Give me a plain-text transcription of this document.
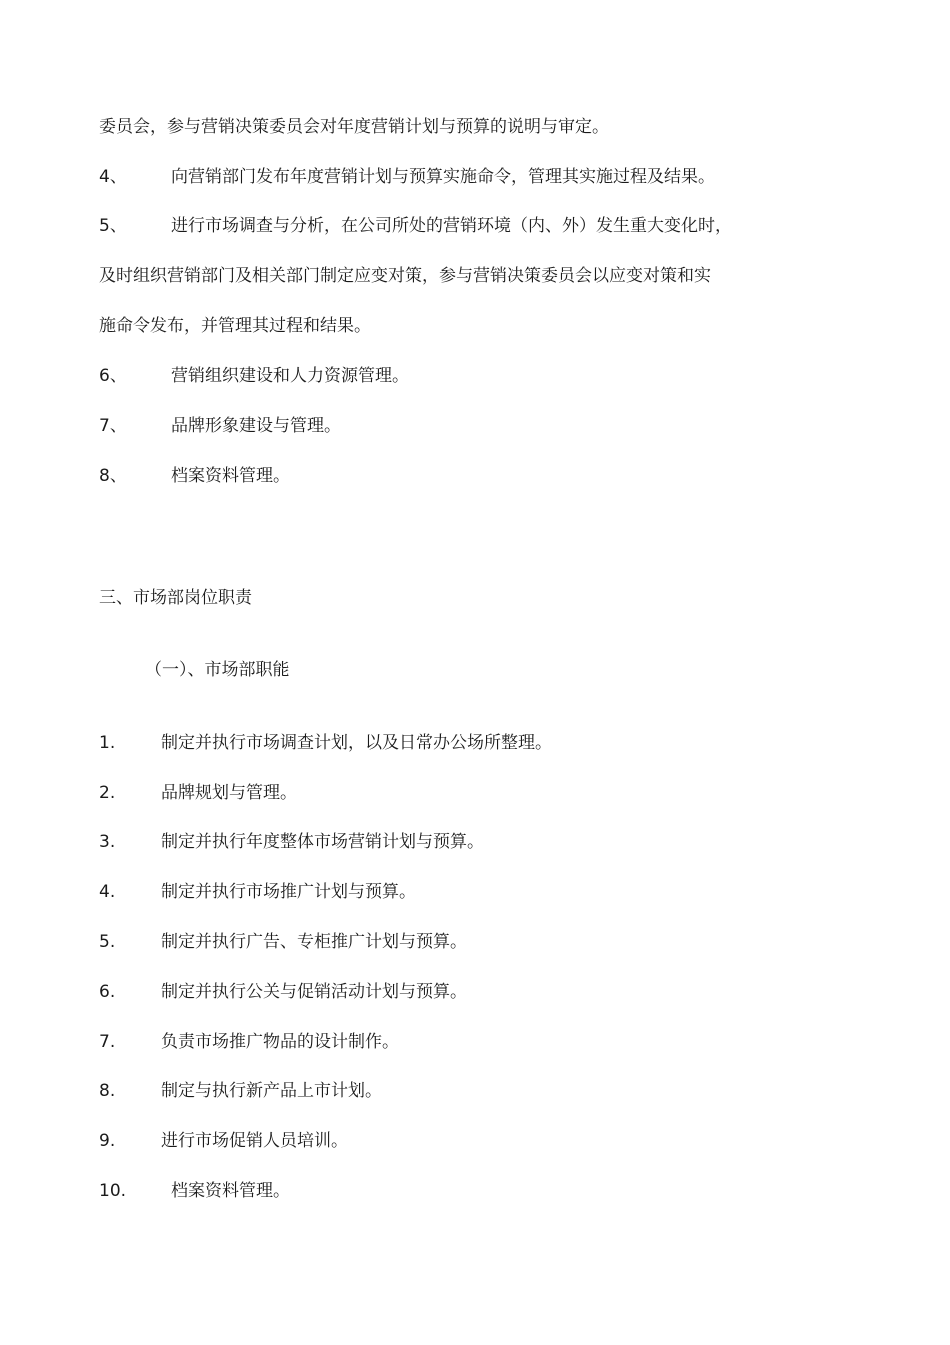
委员会，参与营销决策委员会对年度营销计划与预算的说明与审定。
4、	向营销部门发布年度营销计划与预算实施命令，管理其实施过程及结果。
5、	进行市场调查与分析，在公司所处的营销环境（内、外）发生重大变化时，
及时组织营销部门及相关部门制定应变对策，参与营销决策委员会以应变对策和实
施命令发布，并管理其过程和结果。
6、	营销组织建设和人力资源管理。
7、	品牌形象建设与管理。
8、	档案资料管理。
三、市场部岗位职责
（一）、市场部职能
1.	制定并执行市场调查计划，以及日常办公场所整理。
2.	品牌规划与管理。
3.	制定并执行年度整体市场营销计划与预算。
4.	制定并执行市场推广计划与预算。
5.	制定并执行广告、专柜推广计划与预算。
6.	制定并执行公关与促销活动计划与预算。
7.	负责市场推广物品的设计制作。
8.	制定与执行新产品上市计划。
9.	进行市场促销人员培训。
10.	档案资料管理。
